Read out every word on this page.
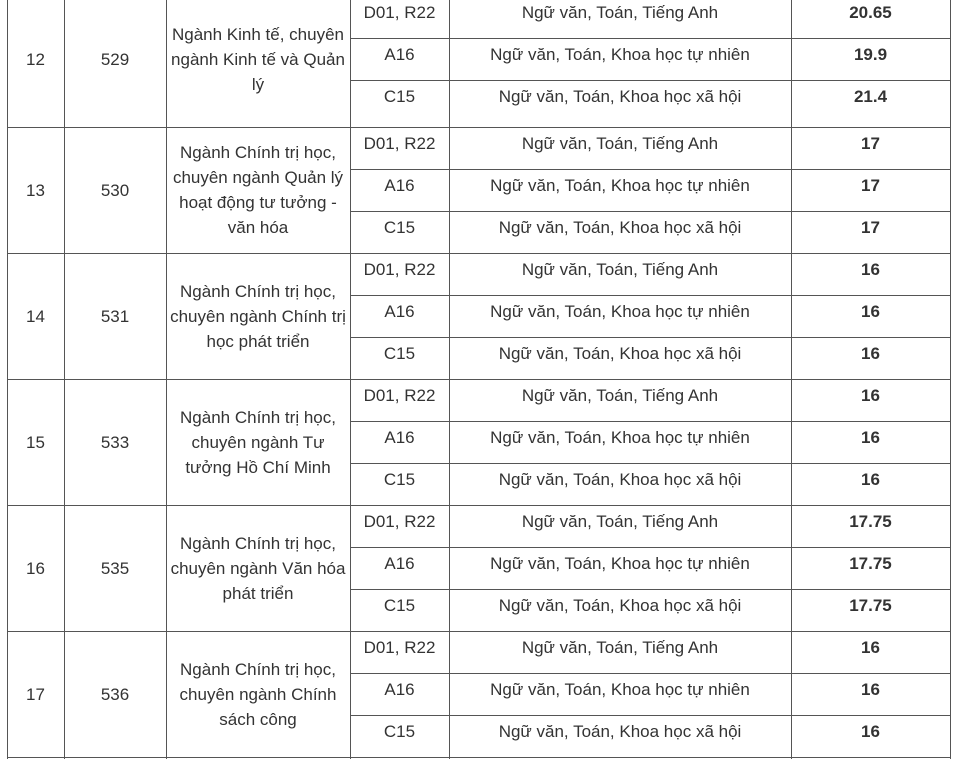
12	529
Ngành Kinh tế, chuyên ngành Kinh tế và Quản lý
D01, R22	Ngữ văn, Toán, Tiếng Anh	20.65
A16	Ngữ văn, Toán, Khoa học tự nhiên	19.9
C15	Ngữ văn, Toán, Khoa học xã hội	21.4
13	530
Ngành Chính trị học, chuyên ngành Quản lý hoạt động tư tưởng - văn hóa
D01, R22	Ngữ văn, Toán, Tiếng Anh	17
A16	Ngữ văn, Toán, Khoa học tự nhiên	17
C15	Ngữ văn, Toán, Khoa học xã hội	17
14	531
Ngành Chính trị học, chuyên ngành Chính trị học phát triển
D01, R22	Ngữ văn, Toán, Tiếng Anh	16
A16	Ngữ văn, Toán, Khoa học tự nhiên	16
C15	Ngữ văn, Toán, Khoa học xã hội	16
15	533
Ngành Chính trị học, chuyên ngành Tư tưởng Hồ Chí Minh
D01, R22	Ngữ văn, Toán, Tiếng Anh	16
A16	Ngữ văn, Toán, Khoa học tự nhiên	16
C15	Ngữ văn, Toán, Khoa học xã hội	16
16	535
Ngành Chính trị học, chuyên ngành Văn hóa phát triển
D01, R22	Ngữ văn, Toán, Tiếng Anh	17.75
A16	Ngữ văn, Toán, Khoa học tự nhiên	17.75
C15	Ngữ văn, Toán, Khoa học xã hội	17.75
17	536
Ngành Chính trị học, chuyên ngành Chính sách công
D01, R22	Ngữ văn, Toán, Tiếng Anh	16
A16	Ngữ văn, Toán, Khoa học tự nhiên	16
C15	Ngữ văn, Toán, Khoa học xã hội	16
